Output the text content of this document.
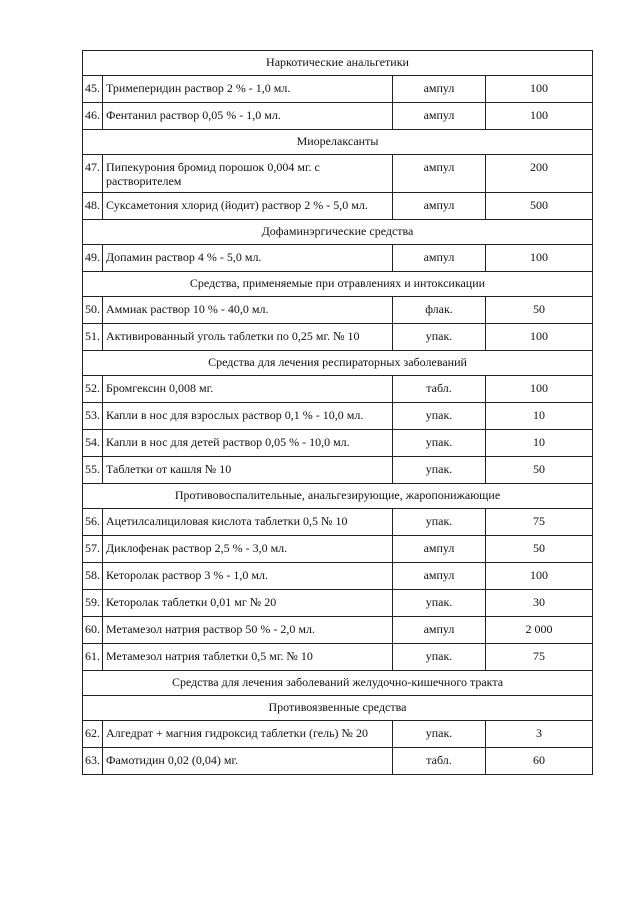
Наркотические анальгетики			
45.	Тримеперидин раствор 2 % - 1,0 мл.	ампул	100
46.	Фентанил раствор 0,05 % - 1,0 мл.	ампул	100
Миорелаксанты			
47.	Пипекурония бромид порошок 0,004 мг. с растворителем	ампул	200
48.	Суксаметония хлорид (йодит) раствор 2 % - 5,0 мл.	ампул	500
Дофаминэргические средства			
49.	Допамин раствор 4 % - 5,0 мл.	ампул	100
Средства, применяемые при отравлениях и интоксикации			
50.	Аммиак раствор 10 % - 40,0 мл.	флак.	50
51.	Активированный уголь таблетки по 0,25 мг. № 10	упак.	100
Средства для лечения респираторных заболеваний			
52.	Бромгексин 0,008 мг.	табл.	100
53.	Капли в нос для взрослых раствор 0,1 % - 10,0 мл.	упак.	10
54.	Капли в нос для детей раствор 0,05 % - 10,0 мл.	упак.	10
55.	Таблетки от кашля № 10	упак.	50
Противовоспалительные, анальгезирующие, жаропонижающие			
56.	Ацетилсалициловая кислота таблетки 0,5 № 10	упак.	75
57.	Диклофенак раствор 2,5 % - 3,0 мл.	ампул	50
58.	Кеторолак раствор 3 % - 1,0 мл.	ампул	100
59.	Кеторолак таблетки 0,01 мг № 20	упак.	30
60.	Метамезол натрия раствор 50 % - 2,0 мл.	ампул	2 000
61.	Метамезол натрия таблетки 0,5 мг. № 10	упак.	75
Средства для лечения заболеваний желудочно-кишечного тракта			
Противоязвенные средства			
62.	Алгедрат + магния гидроксид таблетки (гель) № 20	упак.	3
63.	Фамотидин 0,02 (0,04) мг.	табл.	60
